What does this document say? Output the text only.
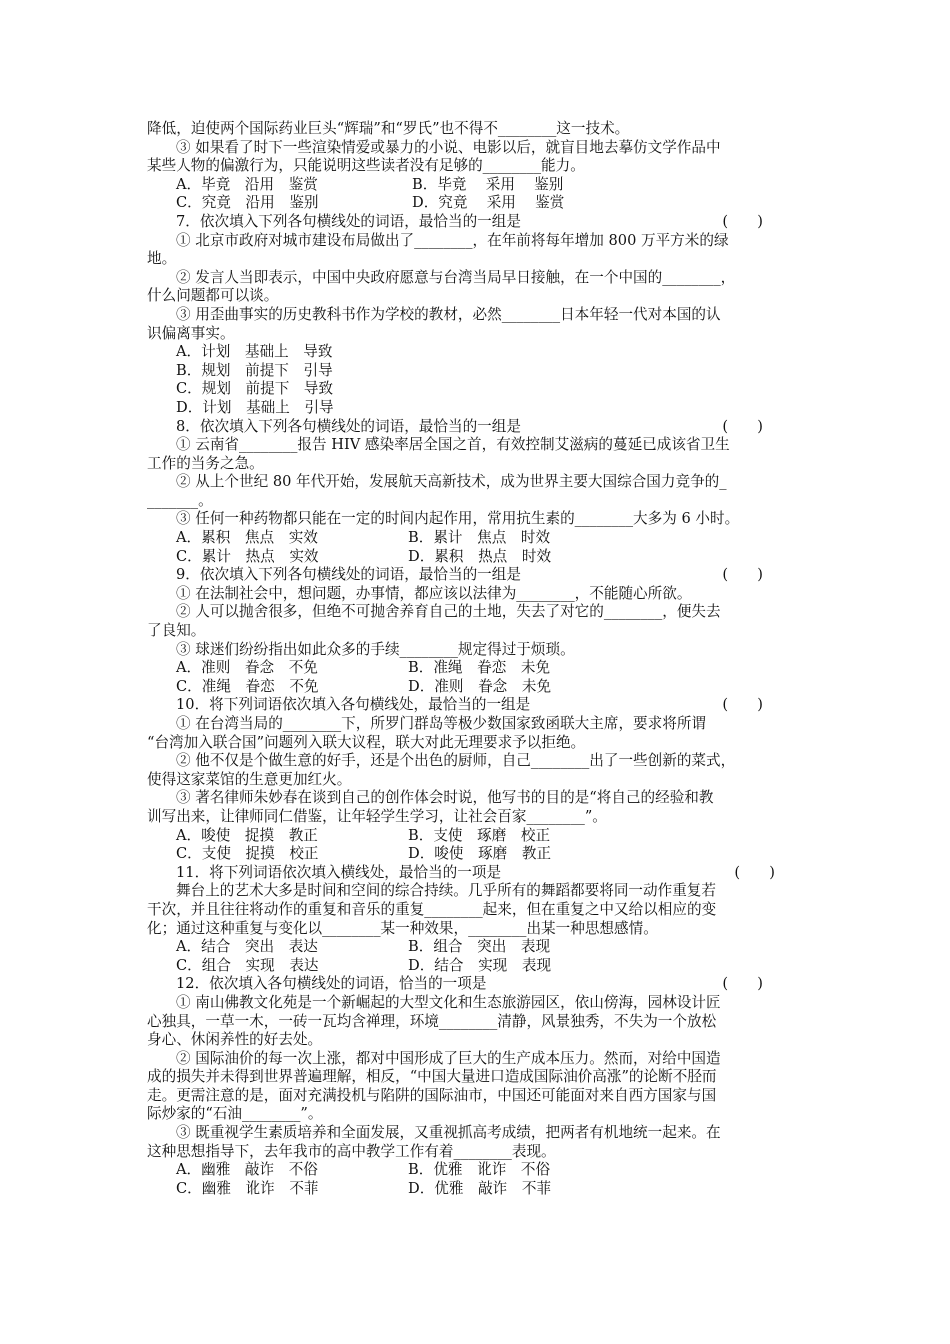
降低，迫使两个国际药业巨头“辉瑞”和“罗氏”也不得不________这一技术。
③ 如果看了时下一些渲染情爱或暴力的小说、电影以后，就盲目地去摹仿文学作品中
某些人物的偏激行为，只能说明这些读者没有足够的________能力。
A．毕竟　沿用　鉴赏	B．毕竟　 采用　 鉴别
C．究竟　沿用　鉴别	D．究竟　 采用　 鉴赏
7．依次填入下列各句横线处的词语，最恰当的一组是	(　　)
① 北京市政府对城市建设布局做出了________，在年前将每年增加 800 万平方米的绿
地。
② 发言人当即表示，中国中央政府愿意与台湾当局早日接触，在一个中国的________，
什么问题都可以谈。
③ 用歪曲事实的历史教科书作为学校的教材，必然________日本年轻一代对本国的认
识偏离事实。
A．计划　基础上　导致
B．规划　前提下　引导
C．规划　前提下　导致
D．计划　基础上　引导
8．依次填入下列各句横线处的词语，最恰当的一组是	(　　)
① 云南省________报告 HIV 感染率居全国之首，有效控制艾滋病的蔓延已成该省卫生
工作的当务之急。
② 从上个世纪 80 年代开始，发展航天高新技术，成为世界主要大国综合国力竞争的_
_______。
③ 任何一种药物都只能在一定的时间内起作用，常用抗生素的________大多为 6 小时。
A．累积　焦点　实效	B．累计　焦点　时效
C．累计　热点　实效	D．累积　热点　时效
9．依次填入下列各句横线处的词语，最恰当的一组是	(　　)
① 在法制社会中，想问题，办事情，都应该以法律为________，不能随心所欲。
② 人可以抛舍很多，但绝不可抛舍养育自己的土地，失去了对它的________，便失去
了良知。
③ 球迷们纷纷指出如此众多的手续________规定得过于烦琐。
A．准则　眷念　不免	B．准绳　眷恋　未免
C．准绳　眷恋　不免	D．准则　眷念　未免
10．将下列词语依次填入各句横线处，最恰当的一组是	(　　)
① 在台湾当局的________下，所罗门群岛等极少数国家致函联大主席，要求将所谓
“台湾加入联合国”问题列入联大议程，联大对此无理要求予以拒绝。
② 他不仅是个做生意的好手，还是个出色的厨师，自己________出了一些创新的菜式，
使得这家菜馆的生意更加红火。
③ 著名律师朱妙春在谈到自己的创作体会时说，他写书的目的是“将自己的经验和教
训写出来，让律师同仁借鉴，让年轻学生学习，让社会百家________”。
A．唆使　捉摸　教正	B．支使　琢磨　校正
C．支使　捉摸　校正	D．唆使　琢磨　教正
11．将下列词语依次填入横线处，最恰当的一项是	(　　)
舞台上的艺术大多是时间和空间的综合持续。几乎所有的舞蹈都要将同一动作重复若
干次，并且往往将动作的重复和音乐的重复________起来，但在重复之中又给以相应的变
化；通过这种重复与变化以________某一种效果，________出某一种思想感情。
A．结合　突出　表达	B．组合　突出　表现
C．组合　实现　表达	D．结合　实现　表现
12．依次填入各句横线处的词语，恰当的一项是	(　　)
① 南山佛教文化苑是一个新崛起的大型文化和生态旅游园区，依山傍海，园林设计匠
心独具，一草一木，一砖一瓦均含禅理，环境________清静，风景独秀，不失为一个放松
身心、休闲养性的好去处。
② 国际油价的每一次上涨，都对中国形成了巨大的生产成本压力。然而，对给中国造
成的损失并未得到世界普遍理解，相反，“中国大量进口造成国际油价高涨”的论断不胫而
走。更需注意的是，面对充满投机与陷阱的国际油市，中国还可能面对来自西方国家与国
际炒家的“石油________”。
③ 既重视学生素质培养和全面发展，又重视抓高考成绩，把两者有机地统一起来。在
这种思想指导下，去年我市的高中教学工作有着________表现。
A．幽雅　敲诈　不俗	B．优雅　讹诈　不俗
C．幽雅　讹诈　不菲	D．优雅　敲诈　不菲
